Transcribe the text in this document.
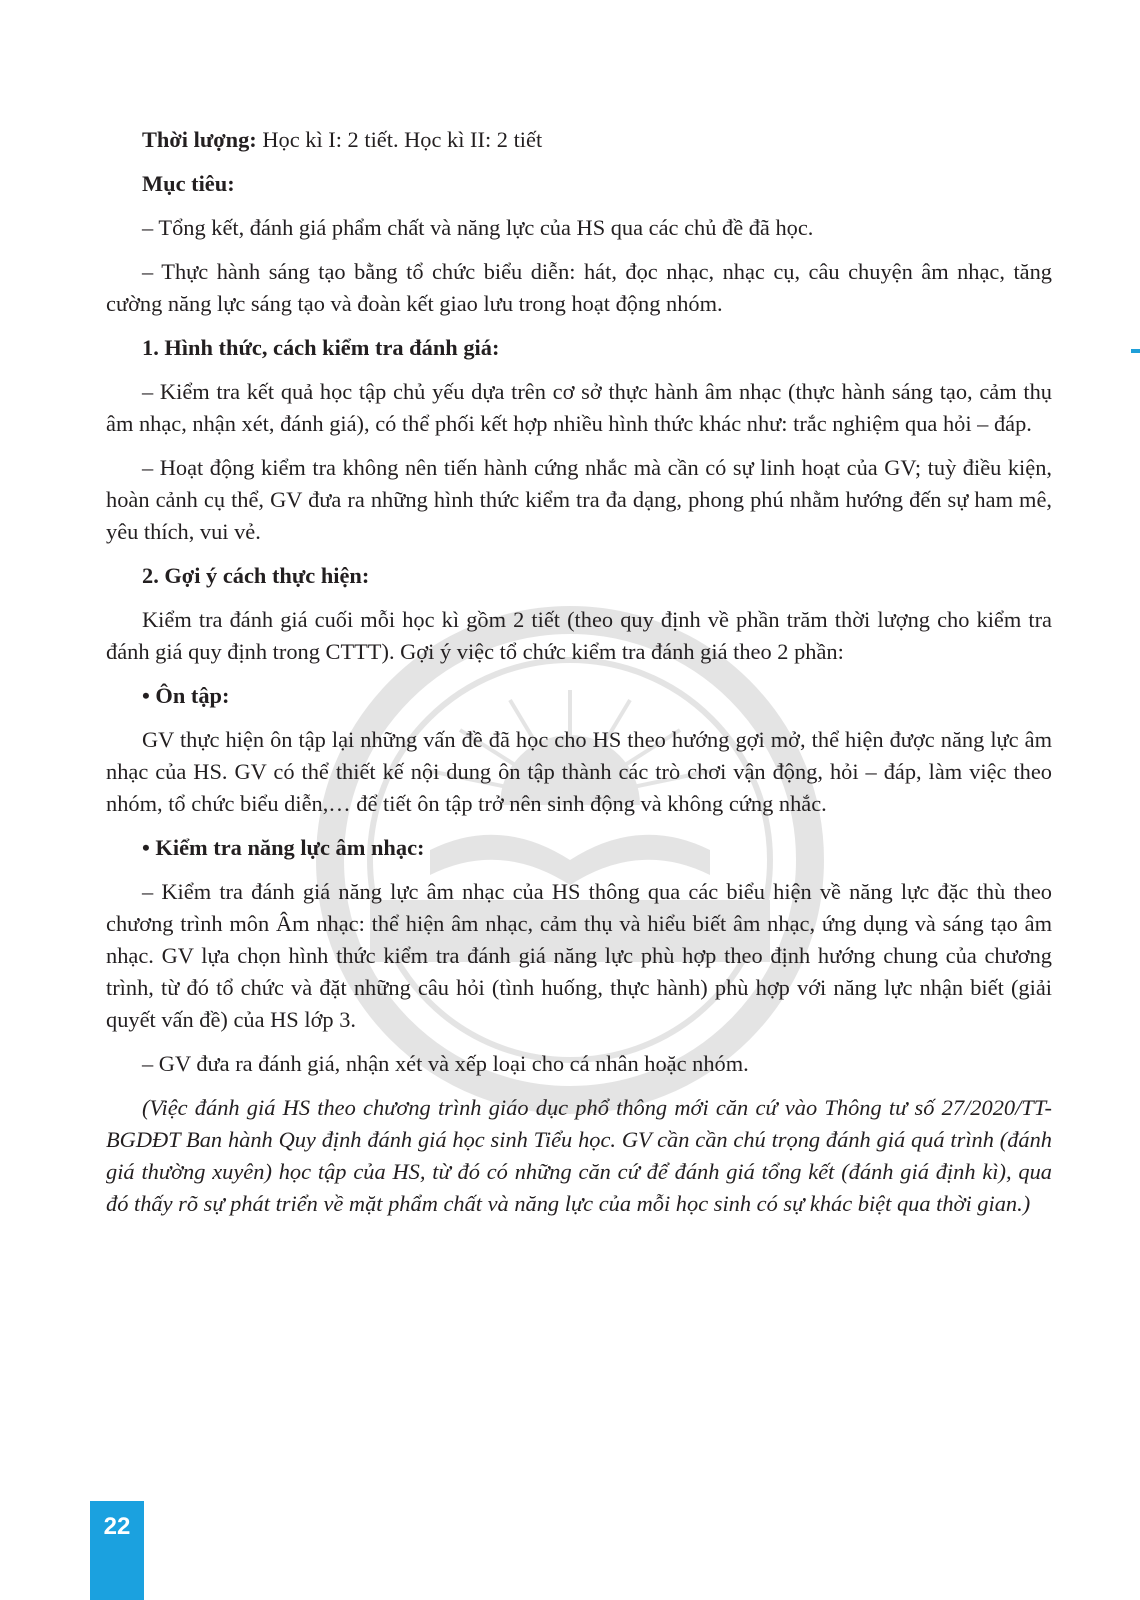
Thời lượng: Học kì I: 2 tiết. Học kì II: 2 tiết

Mục tiêu:

– Tổng kết, đánh giá phẩm chất và năng lực của HS qua các chủ đề đã học.

– Thực hành sáng tạo bằng tổ chức biểu diễn: hát, đọc nhạc, nhạc cụ, câu chuyện âm nhạc, tăng cường năng lực sáng tạo và đoàn kết giao lưu trong hoạt động nhóm.

1. Hình thức, cách kiểm tra đánh giá:

– Kiểm tra kết quả học tập chủ yếu dựa trên cơ sở thực hành âm nhạc (thực hành sáng tạo, cảm thụ âm nhạc, nhận xét, đánh giá), có thể phối kết hợp nhiều hình thức khác như: trắc nghiệm qua hỏi – đáp.

– Hoạt động kiểm tra không nên tiến hành cứng nhắc mà cần có sự linh hoạt của GV; tuỳ điều kiện, hoàn cảnh cụ thể, GV đưa ra những hình thức kiểm tra đa dạng, phong phú nhằm hướng đến sự ham mê, yêu thích, vui vẻ.

2. Gợi ý cách thực hiện:

Kiểm tra đánh giá cuối mỗi học kì gồm 2 tiết (theo quy định về phần trăm thời lượng cho kiểm tra đánh giá quy định trong CTTT). Gợi ý việc tổ chức kiểm tra đánh giá theo 2 phần:

• Ôn tập:

GV thực hiện ôn tập lại những vấn đề đã học cho HS theo hướng gợi mở, thể hiện được năng lực âm nhạc của HS. GV có thể thiết kế nội dung ôn tập thành các trò chơi vận động, hỏi – đáp, làm việc theo nhóm, tổ chức biểu diễn,… để tiết ôn tập trở nên sinh động và không cứng nhắc.

• Kiểm tra năng lực âm nhạc:

– Kiểm tra đánh giá năng lực âm nhạc của HS thông qua các biểu hiện về năng lực đặc thù theo chương trình môn Âm nhạc: thể hiện âm nhạc, cảm thụ và hiểu biết âm nhạc, ứng dụng và sáng tạo âm nhạc. GV lựa chọn hình thức kiểm tra đánh giá năng lực phù hợp theo định hướng chung của chương trình, từ đó tổ chức và đặt những câu hỏi (tình huống, thực hành) phù hợp với năng lực nhận biết (giải quyết vấn đề) của HS lớp 3.

– GV đưa ra đánh giá, nhận xét và xếp loại cho cá nhân hoặc nhóm.

(Việc đánh giá HS theo chương trình giáo dục phổ thông mới căn cứ vào Thông tư số 27/2020/TT-BGDĐT Ban hành Quy định đánh giá học sinh Tiểu học. GV cần cần chú trọng đánh giá quá trình (đánh giá thường xuyên) học tập của HS, từ đó có những căn cứ để đánh giá tổng kết (đánh giá định kì), qua đó thấy rõ sự phát triển về mặt phẩm chất và năng lực của mỗi học sinh có sự khác biệt qua thời gian.)

22
